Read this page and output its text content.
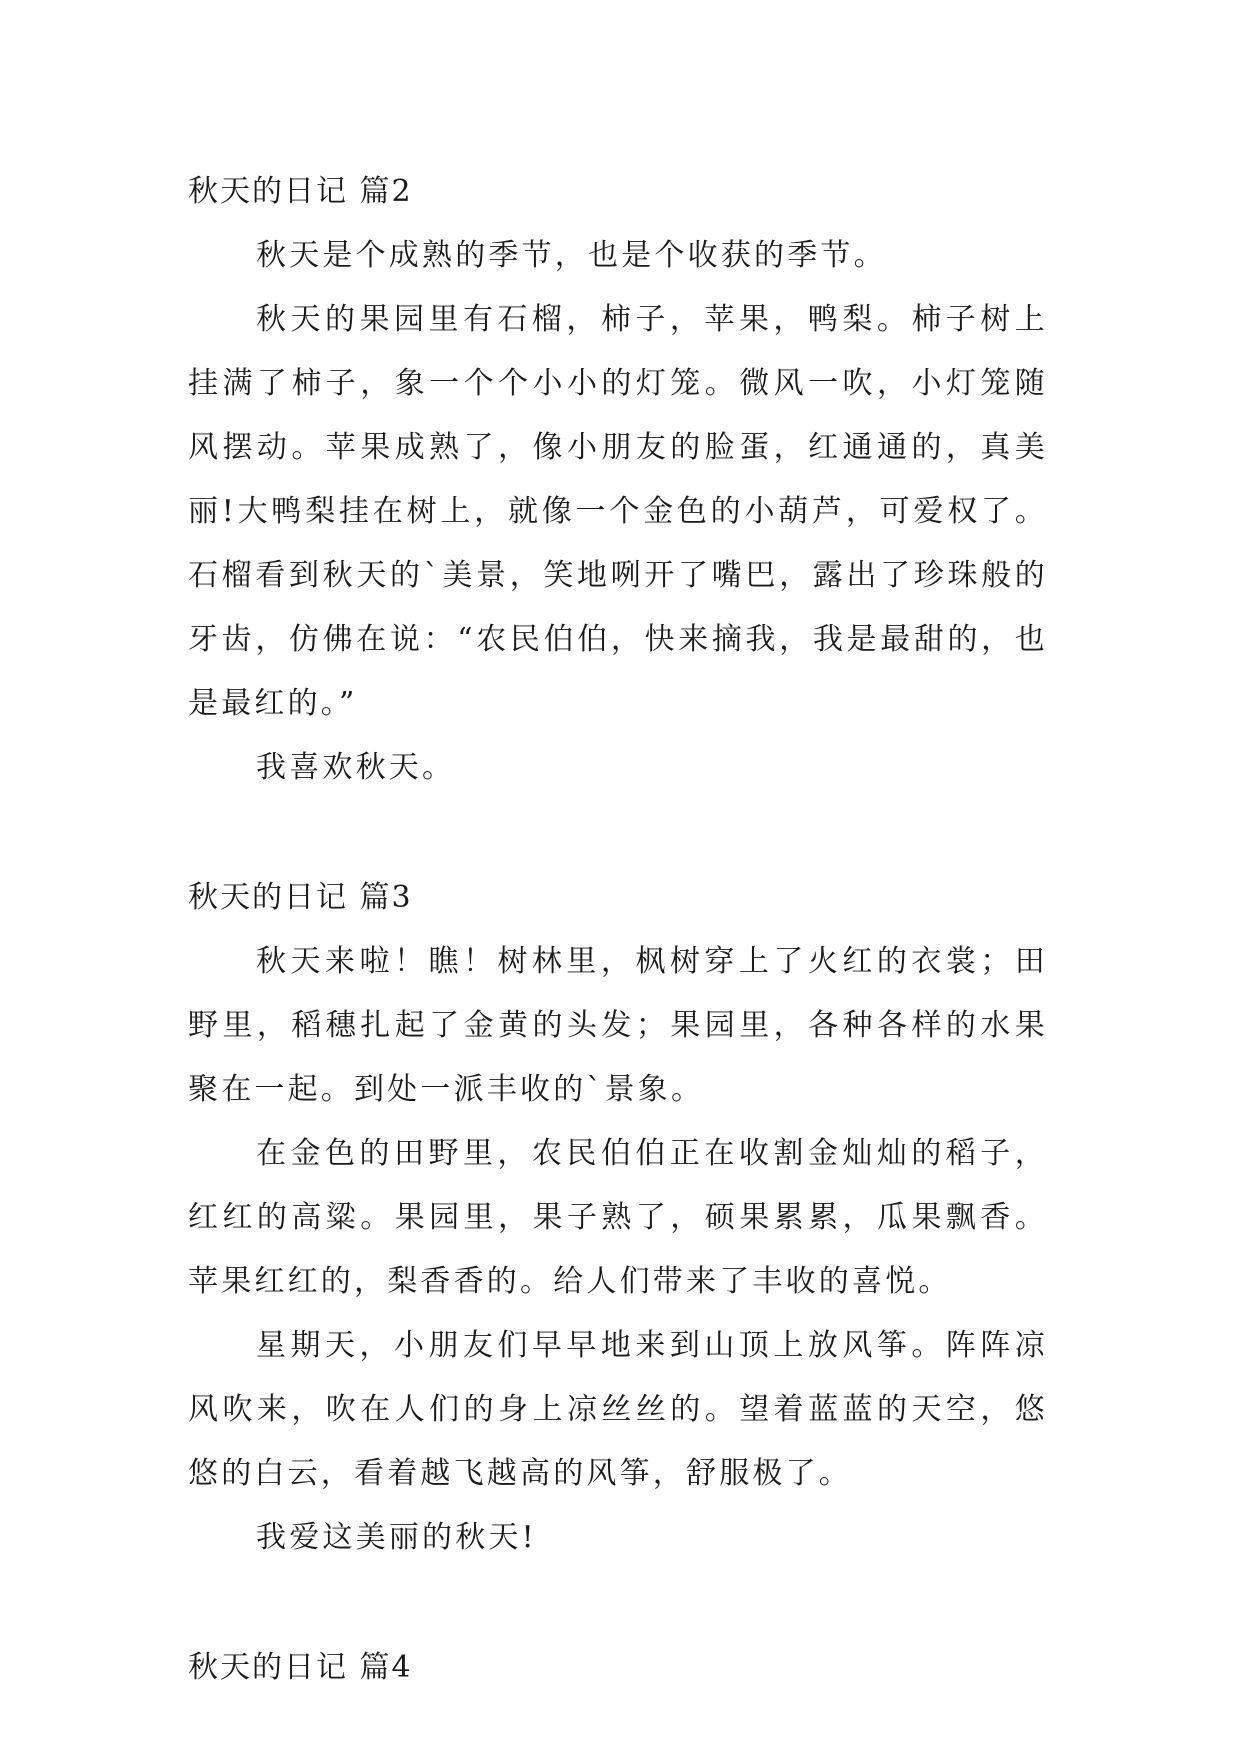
秋天的日记 篇2

秋天是个成熟的季节，也是个收获的季节。

秋天的果园里有石榴，柿子，苹果，鸭梨。柿子树上挂满了柿子，象一个个小小的灯笼。微风一吹，小灯笼随风摆动。苹果成熟了，像小朋友的脸蛋，红通通的，真美丽!大鸭梨挂在树上，就像一个金色的小葫芦，可爱权了。石榴看到秋天的`美景，笑地咧开了嘴巴，露出了珍珠般的牙齿，仿佛在说：“农民伯伯，快来摘我，我是最甜的，也是最红的。”

我喜欢秋天。

秋天的日记 篇3

秋天来啦！瞧！树林里，枫树穿上了火红的衣裳；田野里，稻穗扎起了金黄的头发；果园里，各种各样的水果聚在一起。到处一派丰收的`景象。

在金色的田野里，农民伯伯正在收割金灿灿的稻子，红红的高粱。果园里，果子熟了，硕果累累，瓜果飘香。苹果红红的，梨香香的。给人们带来了丰收的喜悦。

星期天，小朋友们早早地来到山顶上放风筝。阵阵凉风吹来，吹在人们的身上凉丝丝的。望着蓝蓝的天空，悠悠的白云，看着越飞越高的风筝，舒服极了。

我爱这美丽的秋天!

秋天的日记 篇4
